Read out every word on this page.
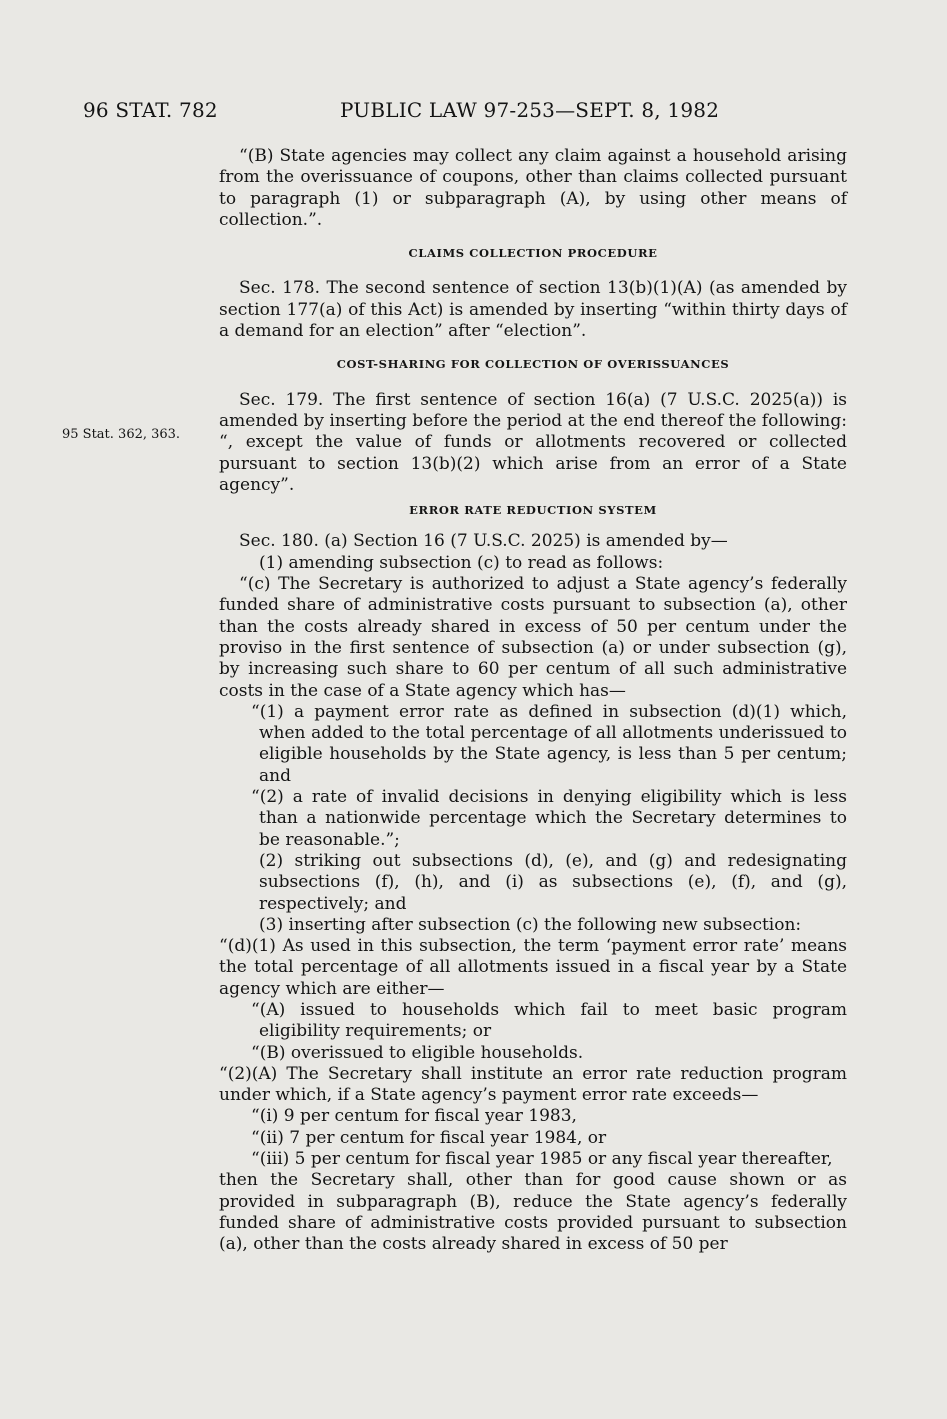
96 STAT. 782	PUBLIC LAW 97-253—SEPT. 8, 1982
95 Stat. 362, 363.

“(B) State agencies may collect any claim against a household arising from the overissuance of coupons, other than claims collected pursuant to paragraph (1) or subparagraph (A), by using other means of collection.”.

CLAIMS COLLECTION PROCEDURE

Sec. 178. The second sentence of section 13(b)(1)(A) (as amended by section 177(a) of this Act) is amended by inserting “within thirty days of a demand for an election” after “election”.

COST-SHARING FOR COLLECTION OF OVERISSUANCES

Sec. 179. The first sentence of section 16(a) (7 U.S.C. 2025(a)) is amended by inserting before the period at the end thereof the following: “, except the value of funds or allotments recovered or collected pursuant to section 13(b)(2) which arise from an error of a State agency”.

ERROR RATE REDUCTION SYSTEM

Sec. 180. (a) Section 16 (7 U.S.C. 2025) is amended by—

(1) amending subsection (c) to read as follows:

“(c) The Secretary is authorized to adjust a State agency’s federally funded share of administrative costs pursuant to subsection (a), other than the costs already shared in excess of 50 per centum under the proviso in the first sentence of subsection (a) or under subsection (g), by increasing such share to 60 per centum of all such administrative costs in the case of a State agency which has—

“(1) a payment error rate as defined in subsection (d)(1) which, when added to the total percentage of all allotments underissued to eligible households by the State agency, is less than 5 per centum; and

“(2) a rate of invalid decisions in denying eligibility which is less than a nationwide percentage which the Secretary determines to be reasonable.”;

(2) striking out subsections (d), (e), and (g) and redesignating subsections (f), (h), and (i) as subsections (e), (f), and (g), respectively; and

(3) inserting after subsection (c) the following new subsection:

“(d)(1) As used in this subsection, the term ‘payment error rate’ means the total percentage of all allotments issued in a fiscal year by a State agency which are either—

“(A) issued to households which fail to meet basic program eligibility requirements; or

“(B) overissued to eligible households.

“(2)(A) The Secretary shall institute an error rate reduction program under which, if a State agency’s payment error rate exceeds—

“(i) 9 per centum for fiscal year 1983,

“(ii) 7 per centum for fiscal year 1984, or

“(iii) 5 per centum for fiscal year 1985 or any fiscal year thereafter,

then the Secretary shall, other than for good cause shown or as provided in subparagraph (B), reduce the State agency’s federally funded share of administrative costs provided pursuant to subsection (a), other than the costs already shared in excess of 50 per
